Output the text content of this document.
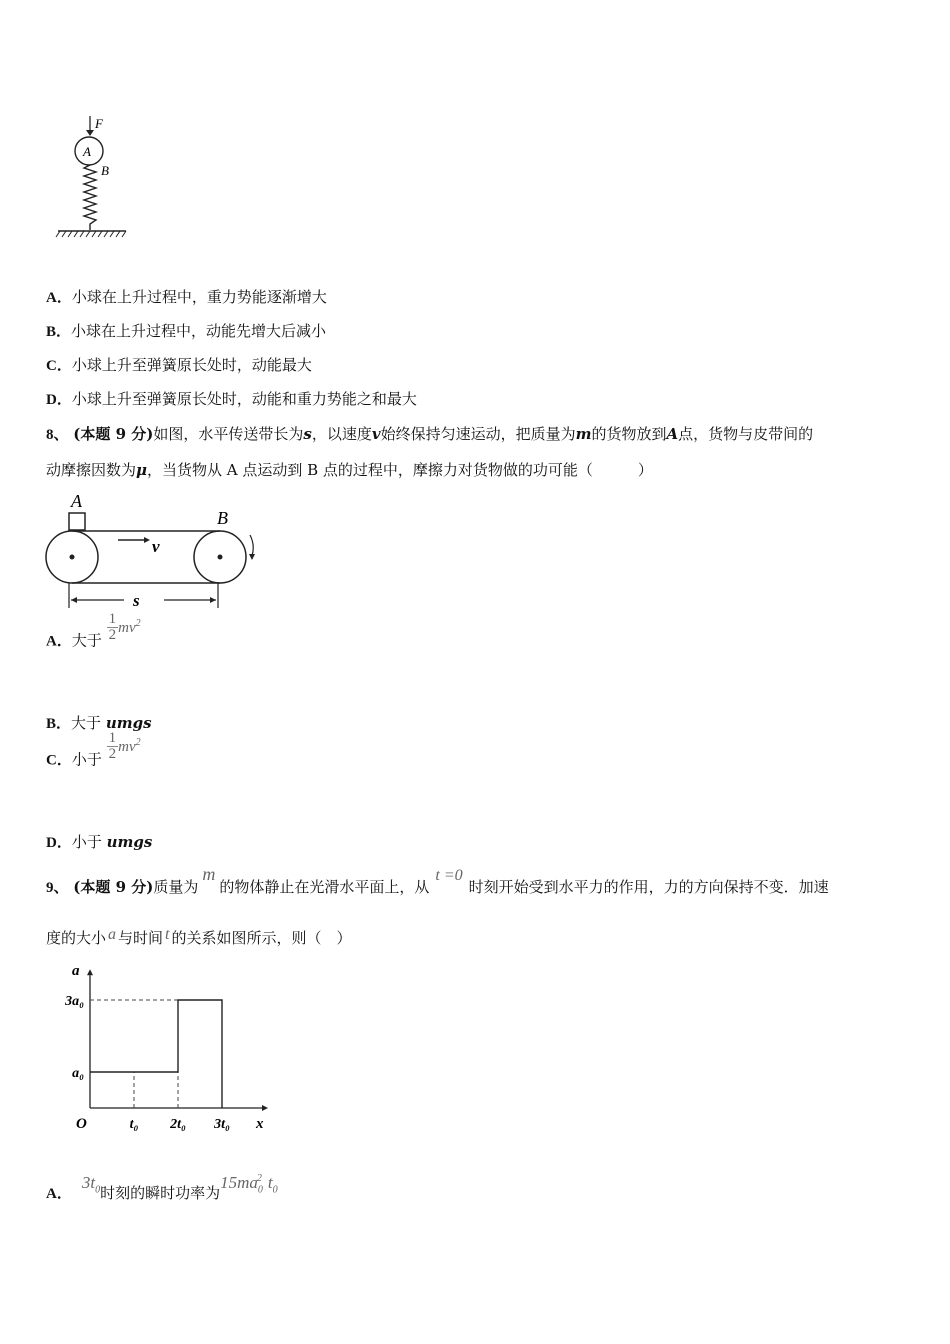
F
A
B
A．小球在上升过程中，重力势能逐渐增大
B．小球在上升过程中，动能先增大后减小
C．小球上升至弹簧原长处时，动能最大
D．小球上升至弹簧原长处时，动能和重力势能之和最大
8、 (本题 9 分)如图，水平传送带长为s，以速度v始终保持匀速运动，把质量为m的货物放到A点，货物与皮带间的
动摩擦因数为μ，当货物从 A 点运动到 B 点的过程中，摩擦力对货物做的功可能（　　　）
A
B
v
s
A．大于 $\frac{1}{2} mv^2$
B．大于 umgs
C．小于 $\frac{1}{2} mv^2$
D．小于 umgs
9、 (本题 9 分)质量为m的物体静止在光滑水平面上，从t =0时刻开始受到水平力的作用，力的方向保持不变．加速
度的大小 a 与时间 t 的关系如图所示，则（　）
x
a
O	t₀ 2t₀ 3t₀
a₀
3a₀
A．$3t_0$时刻的瞬时功率为$15ma_0^2$ $t_0$
